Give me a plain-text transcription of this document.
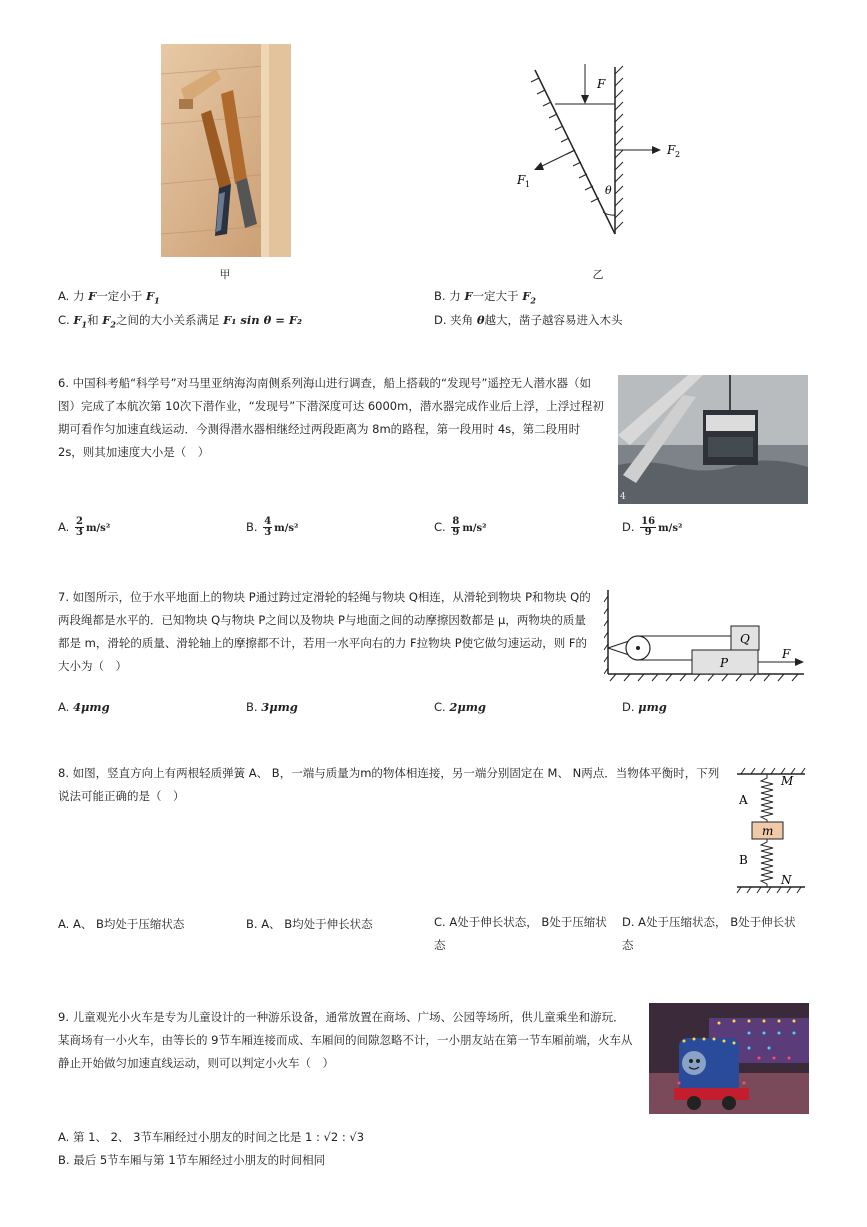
甲
F
F 2
F 1	θ
乙
A. 力 F一定小于 $F_1$	B. 力 F一定大于 $F_2$
C. $F_1$和 $F_2$之间的大小关系满足 F₁ sin θ = F₂	D. 夹角 θ越大，凿子越容易进入木头
6. 中国科考船“科学号”对马里亚纳海沟南侧系列海山进行调查，船上搭载的“发现号”遥控无人潜水器（如图）完成了本航次第 10次下潜作业，“发现号”下潜深度可达 6000m，潜水器完成作业后上浮，上浮过程初期可看作匀加速直线运动．今测得潜水器相继经过两段距离为 8m的路程，第一段用时 4s，第二段用时 2s，则其加速度大小是（　）
4
A. $\frac{2}{3} m/s^2$	B. $\frac{4}{3} m/s^2$	C. $\frac{8}{9} m/s^2$	D. $\frac{16}{9} m/s^2$
7. 如图所示，位于水平地面上的物块 P通过跨过定滑轮的轻绳与物块 Q相连，从滑轮到物块 P和物块 Q的两段绳都是水平的．已知物块 Q与物块 P之间以及物块 P与地面之间的动摩擦因数都是 μ，两物块的质量都是 m，滑轮的质量、滑轮轴上的摩擦都不计，若用一水平向右的力 F拉物块 P使它做匀速运动，则 F的大小为（　）
Q
P
F
A. 4μmg	B. 3μmg	C. 2μmg	D. μmg
8. 如图，竖直方向上有两根轻质弹簧 A、 B，一端与质量为m的物体相连接，另一端分别固定在 M、 N两点．当物体平衡时，下列说法可能正确的是（　）
M
A
m
B
N
A. A、 B均处于压缩状态	B. A、 B均处于伸长状态	C. A处于伸长状态， B处于压缩状态
D. A处于压缩状态， B处于伸长状态
9. 儿童观光小火车是专为儿童设计的一种游乐设备，通常放置在商场、广场、公园等场所，供儿童乘坐和游玩．某商场有一小火车，由等长的 9节车厢连接而成、车厢间的间隙忽略不计，一小朋友站在第一节车厢前端，火车从静止开始做匀加速直线运动，则可以判定小火车（　）
A. 第 1、 2、 3节车厢经过小朋友的时间之比是 1 : √2 : √3
B. 最后 5节车厢与第 1节车厢经过小朋友的时间相同
